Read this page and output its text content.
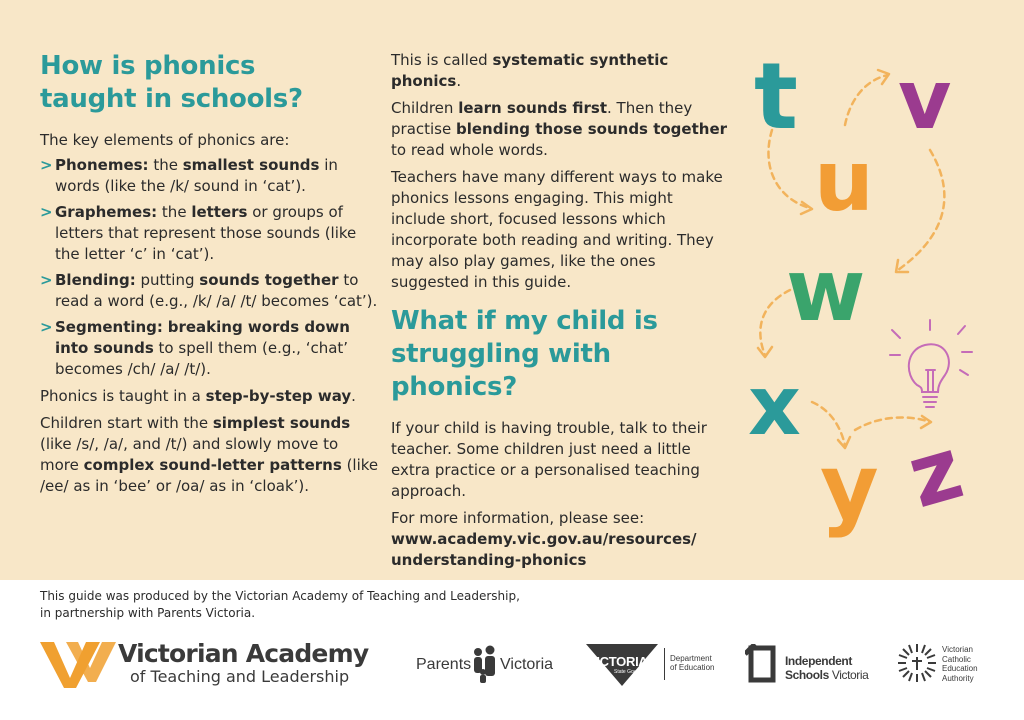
How is phonics
taught in schools?

The key elements of phonics are:

> Phonemes: the smallest sounds in words (like the /k/ sound in ‘cat’).
> Graphemes: the letters or groups of letters that represent those sounds (like the letter ‘c’ in ‘cat’).
> Blending: putting sounds together to read a word (e.g., /k/ /a/ /t/ becomes ‘cat’).
> Segmenting: breaking words down into sounds to spell them (e.g., ‘chat’ becomes /ch/ /a/ /t/).

Phonics is taught in a step-by-step way.

Children start with the simplest sounds (like /s/, /a/, and /t/) and slowly move to more complex sound-letter patterns (like /ee/ as in ‘bee’ or /oa/ as in ‘cloak’).

This is called systematic synthetic phonics.

Children learn sounds first. Then they practise blending those sounds together to read whole words.

Teachers have many different ways to make phonics lessons engaging. This might include short, focused lessons which incorporate both reading and writing. They may also play games, like the ones suggested in this guide.

What if my child is
struggling with phonics?

If your child is having trouble, talk to their teacher. Some children just need a little extra practice or a personalised teaching approach.

For more information, please see:

www.academy.vic.gov.au/resources/
understanding-phonics

t v
u
w
x
y z
This guide was produced by the Victorian Academy of Teaching and Leadership,
in partnership with Parents Victoria.
Victorian Academy
of Teaching and Leadership
Parents Victoria	VICTORIA
State Government
Department
of Education	Independent
Schools Victoria
Victorian
Catholic
Education
Authority
